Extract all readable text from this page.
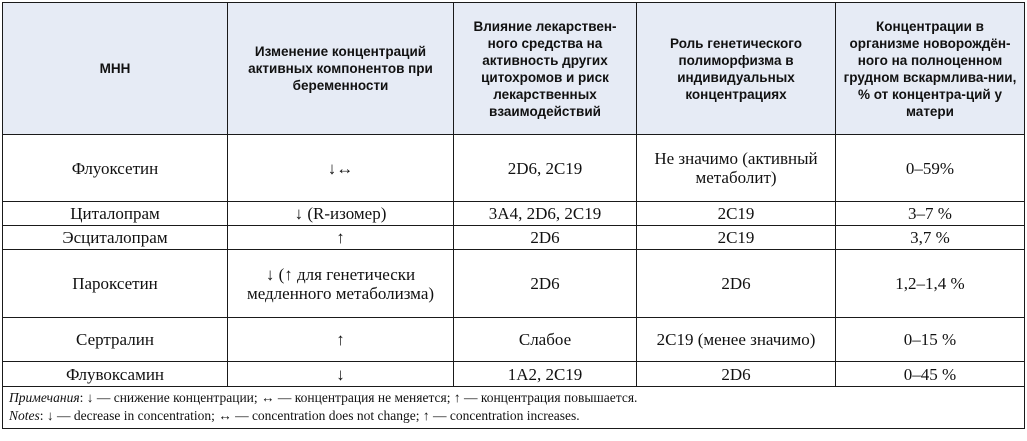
МНН	Изменение концентраций активных компонентов при беременности	Влияние лекарствен-ного средства на активность других цитохромов и риск лекарственных взаимодействий	Роль генетического полиморфизма в индивидуальных концентрациях	Концентрации в организме новорождён-ного на полноценном грудном вскармлива-нии, % от концентра-ций у матери
Флуоксетин	↓↔	2D6, 2C19	Не значимо (активный метаболит)	0–59%
Циталопрам	↓ (R-изомер)	3A4, 2D6, 2C19	2C19	3–7 %
Эсциталопрам	↑	2D6	2C19	3,7 %
Пароксетин	↓ (↑ для генетически медленного метаболизма)	2D6	2D6	1,2–1,4 %
Сертралин	↑	Слабое	2C19 (менее значимо)	0–15 %
Флувоксамин	↓	1A2, 2C19	2D6	0–45 %

Примечания: ↓ — снижение концентрации; ↔ — концентрация не меняется; ↑ — концентрация повышается.
Notes: ↓ — decrease in concentration; ↔ — concentration does not change; ↑ — concentration increases.				
